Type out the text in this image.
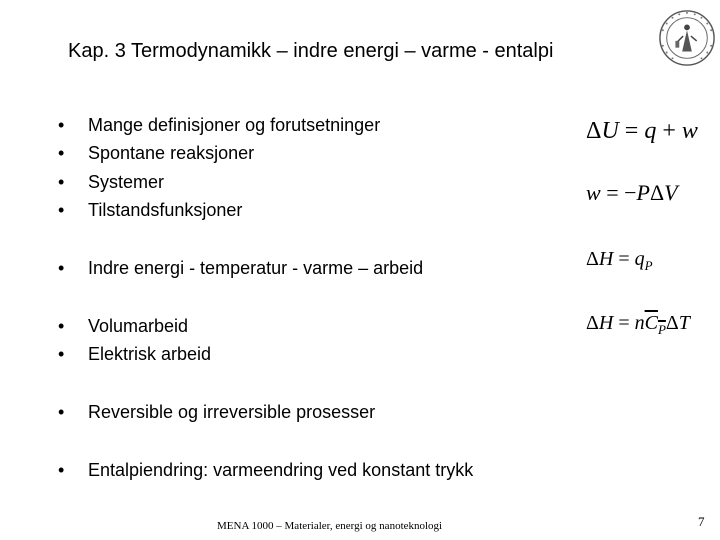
Kap. 3 Termodynamikk – indre energi – varme - entalpi
• Mange definisjoner og forutsetninger
• Spontane reaksjoner
• Systemer
• Tilstandsfunksjoner
• Indre energi - temperatur - varme – arbeid
• Volumarbeid
• Elektrisk arbeid
• Reversible og irreversible prosesser
• Entalpiendring: varmeendring ved konstant trykk
ΔU = q + w
w = −PΔV
$\Delta H = q_P$
$\Delta H = nC_P\Delta T$
MENA 1000 – Materialer, energi og nanoteknologi	7
